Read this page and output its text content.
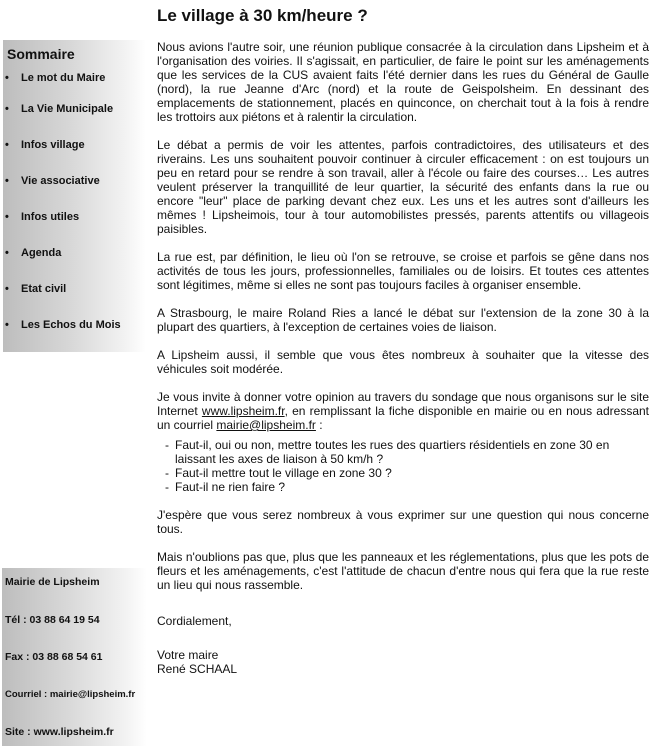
Le village à 30 km/heure ?
Sommaire
• Le mot du Maire
• La Vie Municipale
• Infos village
• Vie associative
• Infos utiles
• Agenda
• Etat civil
• Les Echos du Mois

Mairie de Lipsheim

Tél : 03 88 64 19 54

Fax : 03 88 68 54 61

Courriel : mairie@lipsheim.fr

Site : www.lipsheim.fr

Nous avions l'autre soir, une réunion publique consacrée à la circulation dans Lipsheim et à l'organisation des voiries. Il s'agissait, en particulier, de faire le point sur les aménagements que les services de la CUS avaient faits l'été dernier dans les rues du Général de Gaulle (nord), la rue Jeanne d'Arc (nord) et la route de Geispolsheim. En dessinant des emplacements de stationnement, placés en quinconce, on cherchait tout à la fois à rendre les trottoirs aux piétons et à ralentir la circulation.

Le débat a permis de voir les attentes, parfois contradictoires, des utilisateurs et des riverains. Les uns souhaitent pouvoir continuer à circuler efficacement : on est toujours un peu en retard pour se rendre à son travail, aller à l'école ou faire des courses… Les autres veulent préserver la tranquillité de leur quartier, la sécurité des enfants dans la rue ou encore "leur" place de parking devant chez eux. Les uns et les autres sont d'ailleurs les mêmes ! Lipsheimois, tour à tour automobilistes pressés, parents attentifs ou villageois paisibles.

La rue est, par définition, le lieu où l'on se retrouve, se croise et parfois se gêne dans nos activités de tous les jours, professionnelles, familiales ou de loisirs. Et toutes ces attentes sont légitimes, même si elles ne sont pas toujours faciles à organiser ensemble.

A Strasbourg, le maire Roland Ries a lancé le débat sur l'extension de la zone 30 à la plupart des quartiers, à l'exception de certaines voies de liaison.

A Lipsheim aussi, il semble que vous êtes nombreux à souhaiter que la vitesse des véhicules soit modérée.

Je vous invite à donner votre opinion au travers du sondage que nous organisons sur le site Internet www.lipsheim.fr, en remplissant la fiche disponible en mairie ou en nous adressant un courriel mairie@lipsheim.fr :

- Faut-il, oui ou non, mettre toutes les rues des quartiers résidentiels en zone 30 en laissant les axes de liaison à 50 km/h ?
- Faut-il mettre tout le village en zone 30 ?
- Faut-il ne rien faire ?

J'espère que vous serez nombreux à vous exprimer sur une question qui nous concerne tous.

Mais n'oublions pas que, plus que les panneaux et les réglementations, plus que les pots de fleurs et les aménagements, c'est l'attitude de chacun d'entre nous qui fera que la rue reste un lieu qui nous rassemble.

Cordialement,

Votre maire

René SCHAAL
